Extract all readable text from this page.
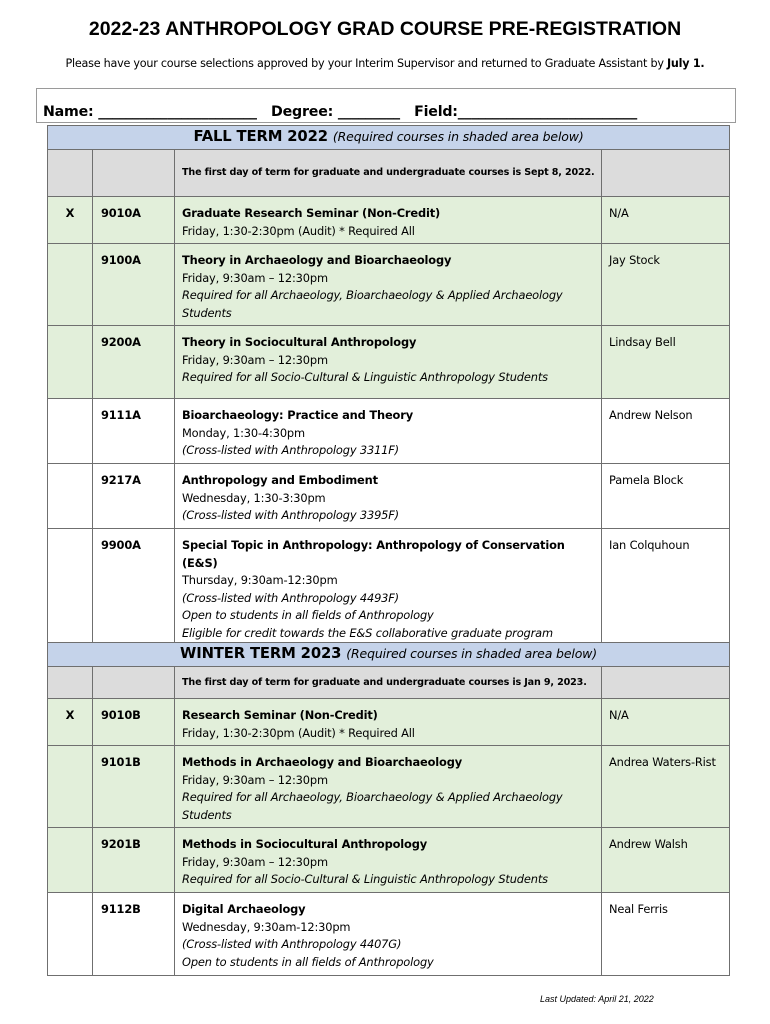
2022-23 ANTHROPOLOGY GRAD COURSE PRE-REGISTRATION
Please have your course selections approved by your Interim Supervisor and returned to Graduate Assistant by July 1.
Name: _______________________   Degree: _________   Field:__________________________
FALL TERM 2022 (Required courses in shaded area below)			
		The first day of term for graduate and undergraduate courses is Sept 8, 2022.	
X	9010A	Graduate Research Seminar (Non-Credit)
Friday, 1:30-2:30pm (Audit) * Required All	N/A
	9100A	Theory in Archaeology and Bioarchaeology
Friday, 9:30am – 12:30pm
Required for all Archaeology, Bioarchaeology & Applied Archaeology Students	Jay Stock
	9200A	Theory in Sociocultural Anthropology
Friday, 9:30am – 12:30pm
Required for all Socio-Cultural & Linguistic Anthropology Students	Lindsay Bell
	9111A	Bioarchaeology: Practice and Theory
Monday, 1:30-4:30pm
(Cross-listed with Anthropology 3311F)	Andrew Nelson
	9217A	Anthropology and Embodiment
Wednesday, 1:30-3:30pm
(Cross-listed with Anthropology 3395F)	Pamela Block
	9900A	Special Topic in Anthropology: Anthropology of Conservation (E&S)
Thursday, 9:30am-12:30pm
(Cross-listed with Anthropology 4493F)
Open to students in all fields of Anthropology
Eligible for credit towards the E&S collaborative graduate program	Ian Colquhoun
WINTER TERM 2023 (Required courses in shaded area below)			
		The first day of term for graduate and undergraduate courses is Jan 9, 2023.	
X	9010B	Research Seminar (Non-Credit)
Friday, 1:30-2:30pm (Audit) * Required All	N/A
	9101B	Methods in Archaeology and Bioarchaeology
Friday, 9:30am – 12:30pm
Required for all Archaeology, Bioarchaeology & Applied Archaeology Students	Andrea Waters-Rist
	9201B	Methods in Sociocultural Anthropology
Friday, 9:30am – 12:30pm
Required for all Socio-Cultural & Linguistic Anthropology Students	Andrew Walsh
	9112B	Digital Archaeology
Wednesday, 9:30am-12:30pm
(Cross-listed with Anthropology 4407G)
Open to students in all fields of Anthropology	Neal Ferris
Last Updated: April 21, 2022
